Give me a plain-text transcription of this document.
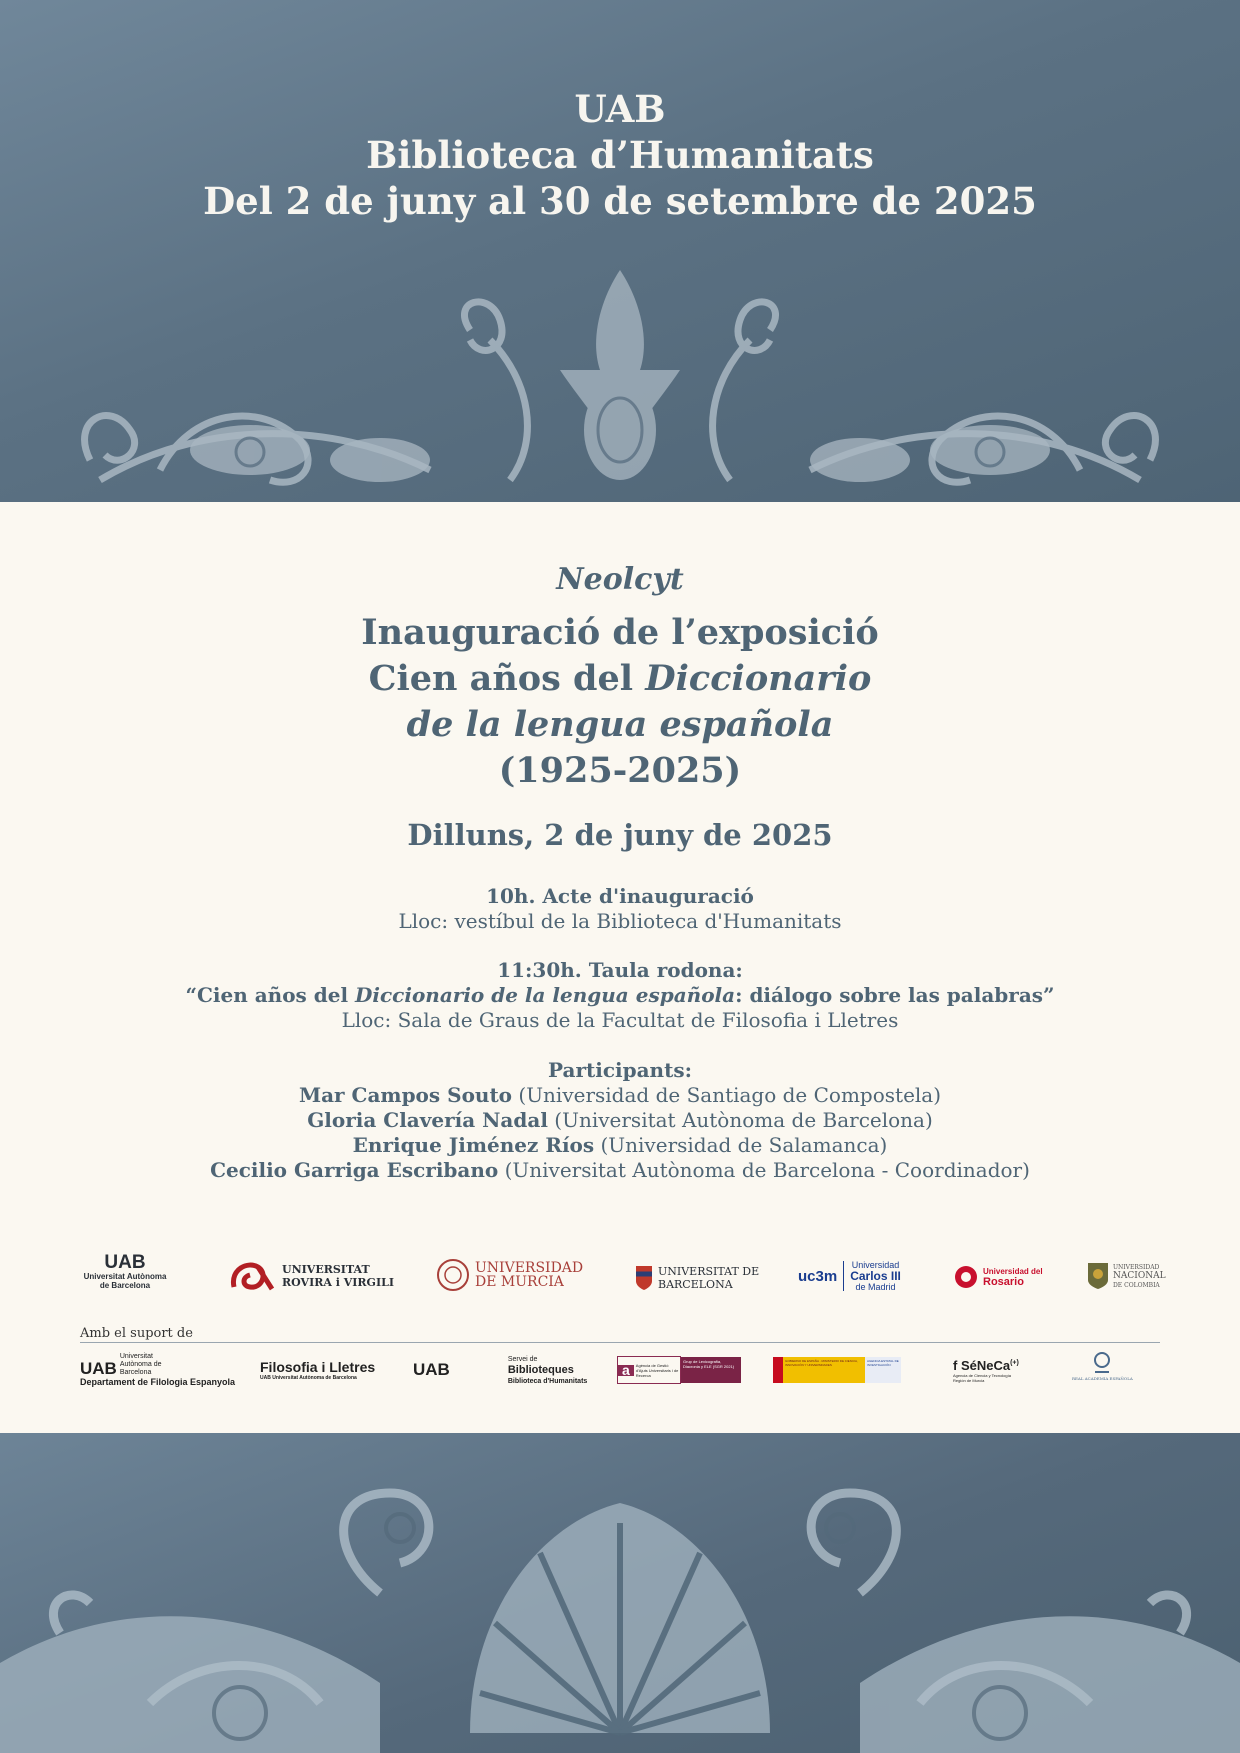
UAB
Biblioteca d’Humanitats
Del 2 de juny al 30 de setembre de 2025
Neolcyt
Inauguració de l’exposició
Cien años del Diccionario
de la lengua española
(1925-2025)
Dilluns, 2 de juny de 2025
10h. Acte d'inauguració
Lloc: vestíbul de la Biblioteca d'Humanitats
11:30h. Taula rodona:
“Cien años del Diccionario de la lengua española: diálogo sobre las palabras”
Lloc: Sala de Graus de la Facultat de Filosofia i Lletres
Participants:
Mar Campos Souto (Universidad de Santiago de Compostela)
Gloria Clavería Nadal (Universitat Autònoma de Barcelona)
Enrique Jiménez Ríos (Universidad de Salamanca)
Cecilio Garriga Escribano (Universitat Autònoma de Barcelona - Coordinador)
UAB
Universitat Autònoma
de Barcelona
UNIVERSITAT
ROVIRA i VIRGILI
UNIVERSIDAD
DE MURCIA
UNIVERSITAT DE
BARCELONA	uc3m
Universidad
Carlos III
de Madrid
Universidad del
Rosario
UNIVERSIDAD
NACIONAL
DE COLOMBIA
Amb el suport de
UAB
Universitat Autònoma de Barcelona
Departament de Filologia Espanyola
Filosofia i Lletres
UAB Universitat Autònoma de Barcelona	UAB
Servei de
Biblioteques
Biblioteca d'Humanitats
a	Agència de Gestió d'Ajuts Universitaris i de Recerca
Grup de Lexicografia, Diacronia y ELE (SGR 2021)
GOBIERNO DE ESPAÑA · MINISTERIO DE CIENCIA, INNOVACIÓN Y UNIVERSIDADES
AGENCIA ESTATAL DE INVESTIGACIÓN	f SéNeCa(+)
Agencia de Ciencia y Tecnología Región de Murcia	REAL ACADEMIA ESPAÑOLA
